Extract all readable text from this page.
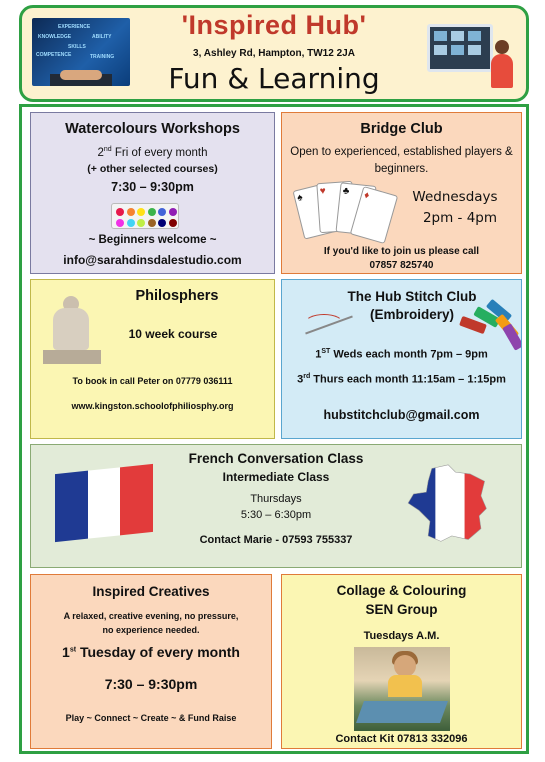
EXPERIENCE
KNOWLEDGE
SKILLS
ABILITY
COMPETENCE	TRAINING
'Inspired Hub'
3, Ashley Rd, Hampton, TW12 2JA
Fun & Learning
Watercolours Workshops
2nd Fri of every month
(+ other selected courses)
7:30 – 9:30pm
~ Beginners welcome ~
info@sarahdinsdalestudio.com
Bridge Club
Open to experienced, established players & beginners.
♠
♥	♣	♦	Wednesdays
2pm - 4pm
If you'd like to join us please call
07857 825740
Philosphers
10 week course
To book in call Peter on 07779 036111
www.kingston.schoolofphiliosphy.org
The Hub Stitch Club
(Embroidery)
1ST Weds each month 7pm – 9pm
3rd Thurs each month 11:15am – 1:15pm
hubstitchclub@gmail.com
French Conversation Class
Intermediate Class
Thursdays
5:30 – 6:30pm
Contact Marie - 07593 755337
Inspired Creatives
A relaxed, creative evening, no pressure,
no experience needed.
1st Tuesday of every month
7:30 – 9:30pm
Play ~ Connect ~ Create ~ & Fund Raise
Collage & Colouring
SEN Group
Tuesdays A.M.
Contact Kit 07813 332096
